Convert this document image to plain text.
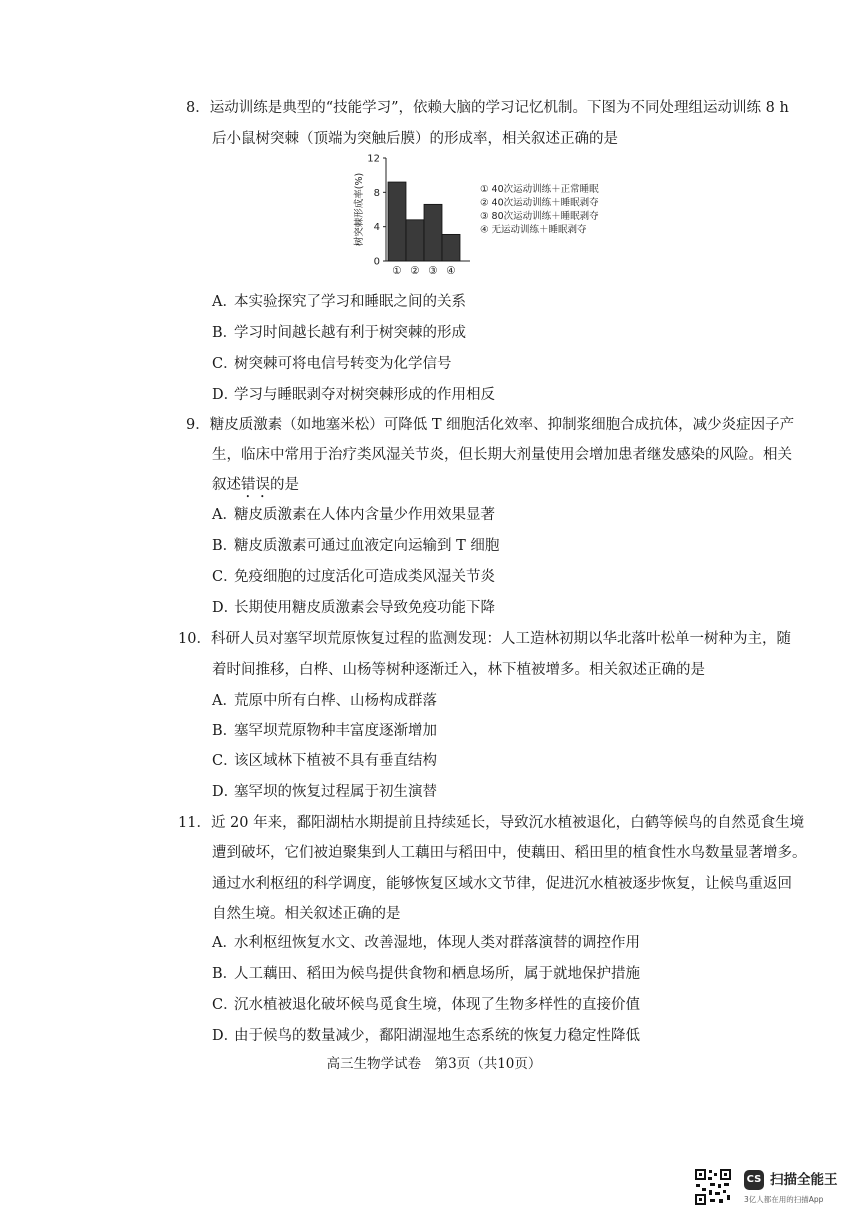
8．运动训练是典型的“技能学习”，依赖大脑的学习记忆机制。下图为不同处理组运动训练 8 h
后小鼠树突棘（顶端为突触后膜）的形成率，相关叙述正确的是
0
4
8
12
树突棘形成率(%)
① ② ③ ④
① 40次运动训练＋正常睡眠
② 40次运动训练＋睡眠剥夺
③ 80次运动训练＋睡眠剥夺
④ 无运动训练＋睡眠剥夺
A．本实验探究了学习和睡眠之间的关系
B．学习时间越长越有利于树突棘的形成
C．树突棘可将电信号转变为化学信号
D．学习与睡眠剥夺对树突棘形成的作用相反
9．糖皮质激素（如地塞米松）可降低 T 细胞活化效率、抑制浆细胞合成抗体，减少炎症因子产
生，临床中常用于治疗类风湿关节炎，但长期大剂量使用会增加患者继发感染的风险。相关
叙述错误的是
A．糖皮质激素在人体内含量少作用效果显著
B．糖皮质激素可通过血液定向运输到 T 细胞
C．免疫细胞的过度活化可造成类风湿关节炎
D．长期使用糖皮质激素会导致免疫功能下降
10．科研人员对塞罕坝荒原恢复过程的监测发现：人工造林初期以华北落叶松单一树种为主，随
着时间推移，白桦、山杨等树种逐渐迁入，林下植被增多。相关叙述正确的是
A．荒原中所有白桦、山杨构成群落
B．塞罕坝荒原物种丰富度逐渐增加
C．该区域林下植被不具有垂直结构
D．塞罕坝的恢复过程属于初生演替
11．近 20 年来，鄱阳湖枯水期提前且持续延长，导致沉水植被退化，白鹤等候鸟的自然觅食生境
遭到破坏，它们被迫聚集到人工藕田与稻田中，使藕田、稻田里的植食性水鸟数量显著增多。
通过水利枢纽的科学调度，能够恢复区域水文节律，促进沉水植被逐步恢复，让候鸟重返回
自然生境。相关叙述正确的是
A．水利枢纽恢复水文、改善湿地，体现人类对群落演替的调控作用
B．人工藕田、稻田为候鸟提供食物和栖息场所，属于就地保护措施
C．沉水植被退化破坏候鸟觅食生境，体现了生物多样性的直接价值
D．由于候鸟的数量减少，鄱阳湖湿地生态系统的恢复力稳定性降低
高三生物学试卷　第3页（共10页）
CS 扫描全能王
3亿人都在用的扫描App
